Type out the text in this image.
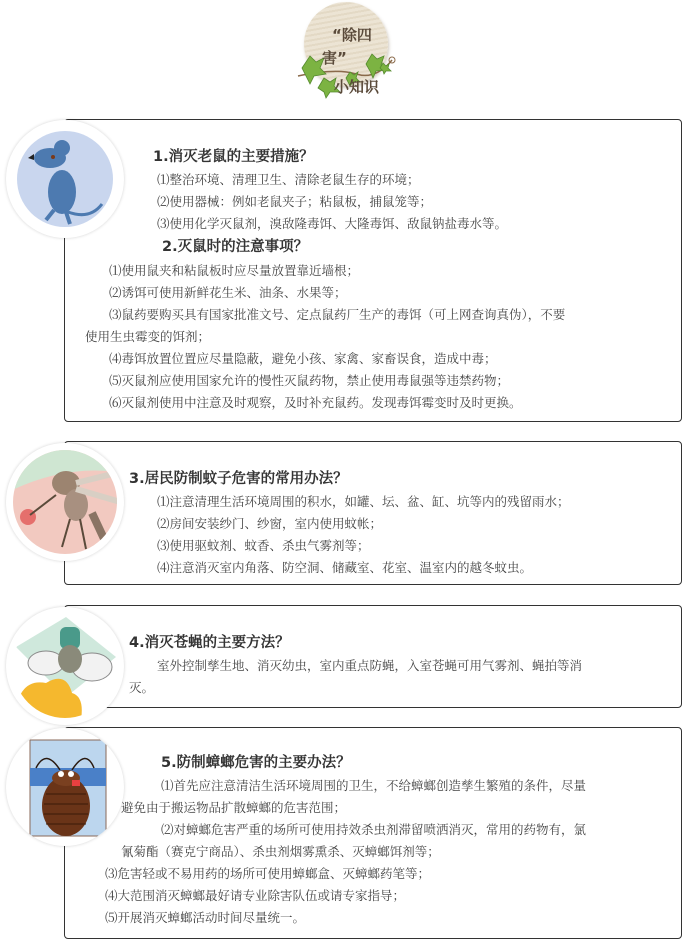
“除四
害”
小知识
1.消灭老鼠的主要措施？
⑴整治环境、清理卫生、清除老鼠生存的环境；
⑵使用器械：例如老鼠夹子；粘鼠板，捕鼠笼等；
⑶使用化学灭鼠剂，溴敌隆毒饵、大隆毒饵、敌鼠钠盐毒水等。
2.灭鼠时的注意事项？
⑴使用鼠夹和粘鼠板时应尽量放置靠近墙根；
⑵诱饵可使用新鲜花生米、油条、水果等；
⑶鼠药要购买具有国家批准文号、定点鼠药厂生产的毒饵（可上网查询真伪），不要
使用生虫霉变的饵剂；
⑷毒饵放置位置应尽量隐蔽，避免小孩、家禽、家畜误食，造成中毒；
⑸灭鼠剂应使用国家允许的慢性灭鼠药物，禁止使用毒鼠强等违禁药物；
⑹灭鼠剂使用中注意及时观察，及时补充鼠药。发现毒饵霉变时及时更换。
3.居民防制蚊子危害的常用办法？
⑴注意清理生活环境周围的积水，如罐、坛、盆、缸、坑等内的残留雨水；
⑵房间安装纱门、纱窗，室内使用蚊帐；
⑶使用驱蚊剂、蚊香、杀虫气雾剂等；
⑷注意消灭室内角落、防空洞、储藏室、花室、温室内的越冬蚊虫。
4.消灭苍蝇的主要方法？
室外控制孳生地、消灭幼虫，室内重点防蝇，入室苍蝇可用气雾剂、蝇拍等消
灭。
5.防制蟑螂危害的主要办法？
⑴首先应注意清洁生活环境周围的卫生，不给蟑螂创造孳生繁殖的条件，尽量
避免由于搬运物品扩散蟑螂的危害范围；
⑵对蟑螂危害严重的场所可使用持效杀虫剂滞留喷洒消灭，常用的药物有，氯
氰菊酯（赛克宁商品）、杀虫剂烟雾熏杀、灭蟑螂饵剂等；
⑶危害轻或不易用药的场所可使用蟑螂盒、灭蟑螂药笔等；
⑷大范围消灭蟑螂最好请专业除害队伍或请专家指导；
⑸开展消灭蟑螂活动时间尽量统一。
